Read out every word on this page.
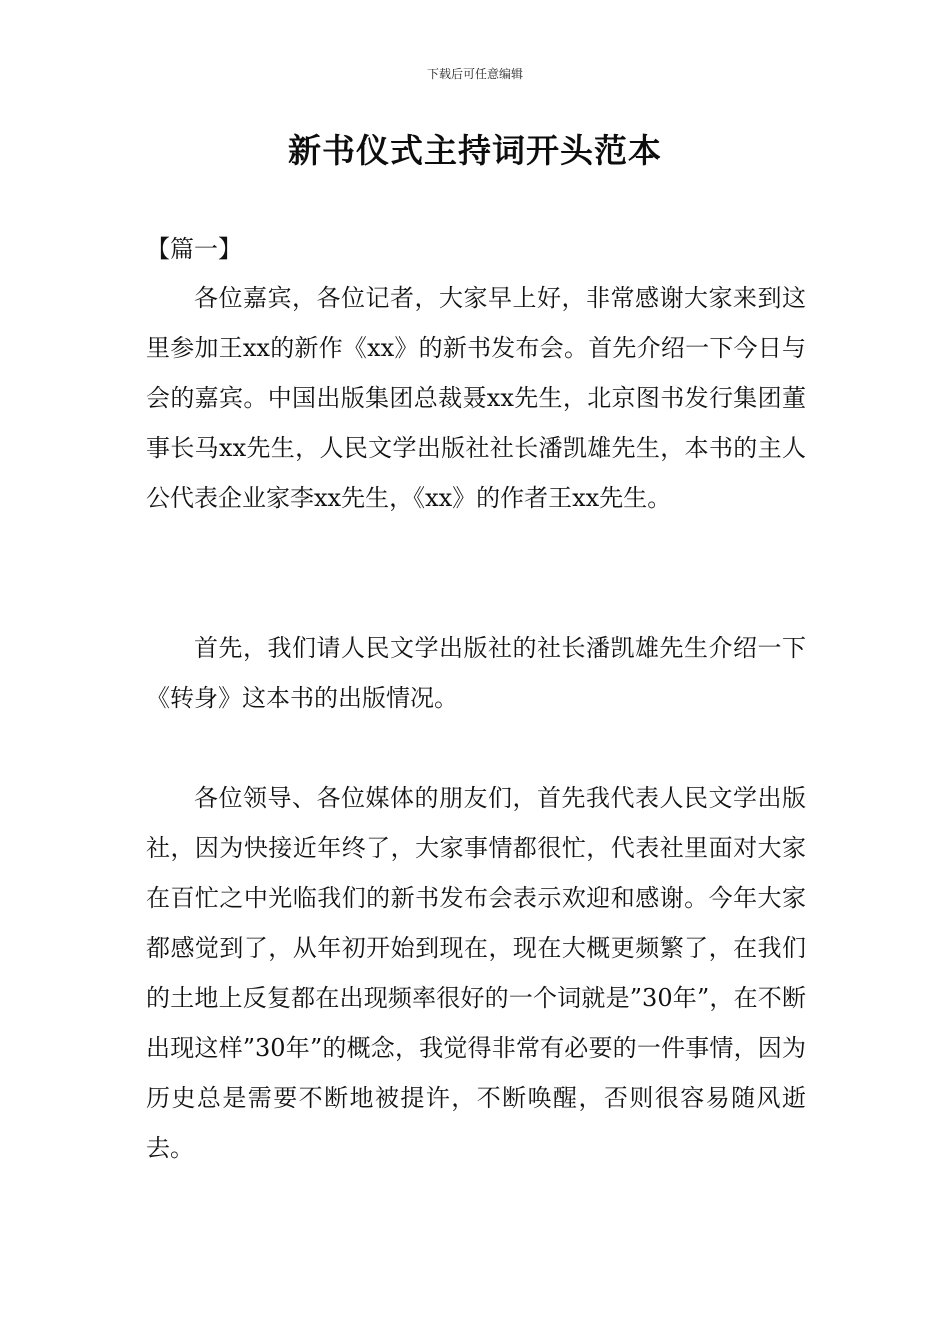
下载后可任意编辑
新书仪式主持词开头范本
【篇一】

各位嘉宾，各位记者，大家早上好，非常感谢大家来到这里参加王xx的新作《xx》的新书发布会。首先介绍一下今日与会的嘉宾。中国出版集团总裁聂xx先生，北京图书发行集团董事长马xx先生，人民文学出版社社长潘凯雄先生，本书的主人公代表企业家李xx先生，《xx》的作者王xx先生。

首先，我们请人民文学出版社的社长潘凯雄先生介绍一下《转身》这本书的出版情况。

各位领导、各位媒体的朋友们，首先我代表人民文学出版社，因为快接近年终了，大家事情都很忙，代表社里面对大家在百忙之中光临我们的新书发布会表示欢迎和感谢。今年大家都感觉到了，从年初开始到现在，现在大概更频繁了，在我们的土地上反复都在出现频率很好的一个词就是”30年”，在不断出现这样”30年”的概念，我觉得非常有必要的一件事情，因为历史总是需要不断地被提许，不断唤醒，否则很容易随风逝去。
